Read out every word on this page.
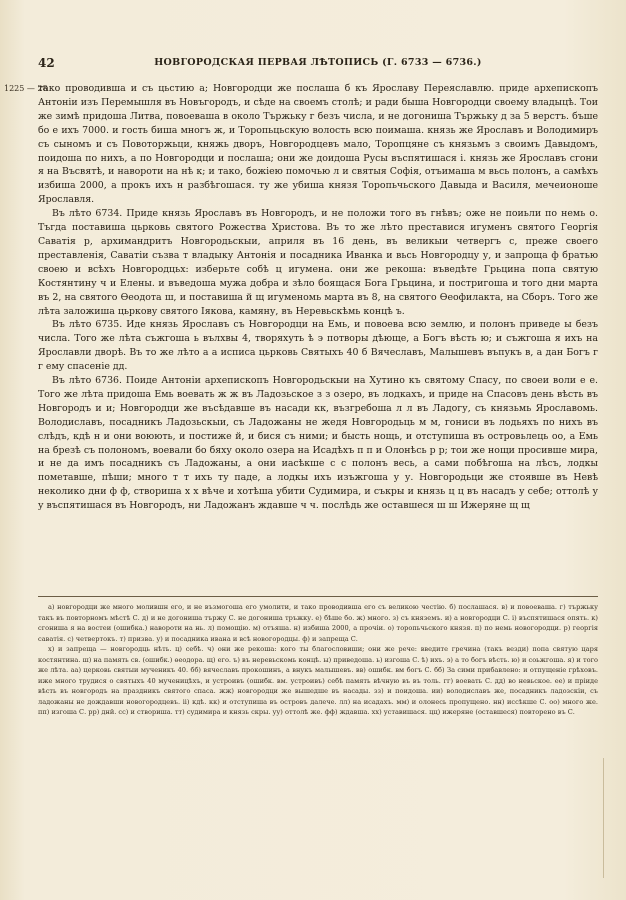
42	НОВГОРОДСКАЯ ПЕРВАЯ ЛѢТОПИСЬ (Г. 6733 — 6736.)
1225 — 28

тако проводивша и съ цьстию а; Новгородци же послаша б къ Ярославу Переяславлю. приде архепископъ Антонiи изъ Перемышля въ Новъгородъ, и сѣде на своемъ столѣ; и ради быша Новгородци своему владыцѣ. Тои же зимѣ придоша Литва, повоеваша в около Тържьку г безъ числа, и не догониша Тържьку д за 5 верстъ. бъше бо е ихъ 7000. и гость биша многъ ж, и Торопьцьскую волость всю поимаша. князь же Ярославъ и Володимиръ съ сыномъ и съ Повоторжьци, княжь дворъ, Новгородцевъ мало, Торопцяне съ князьмъ з своимъ Давыдомъ, поидоша по нихъ, а по Новгородци и послаша; они же доидоша Русы въспятишася і. князь же Ярославъ сгони я на Въсвятѣ, и навороти на нѣ к; и тако, божiею помочью л и святыя Софiя, отъимаша м вьсь полонъ, а самѣхъ избиша 2000, а прокъ ихъ н разбѣгошася. ту же убиша князя Торопьчьского Давыда и Василя, мечеионоше Ярославля.

Въ лѣто 6734. Приде князь Ярославъ въ Новгородъ, и не положи того въ гнѣвъ; оже не поиьли по немь о. Тъгда поставиша цьрковь святого Рожества Христова. Въ то же лѣто преставися игуменъ святого Георгiя Саватiя р, архимандритъ Новгородьскыи, априля въ 16 день, въ великыи четвергъ с, преже своего преставленiя, Саватiи съзва т владыку Антонiя и посадника Иванка и вьсь Новгородцу у, и запроща ф братью своею и всѣхъ Новгородцьх: изберьте собѣ ц игумена. они же рекоша: въведѣте Грьцина попа святую Костянтину ч и Елены. и въведоша мужа добра и зѣло боящася Бога Грьцина, и постригоша и того дни марта въ 2, на святого Өеодота ш, и поставиша й щ игуменомь марта въ 8, на святого Өеофилакта, на Сборъ. Того же лѣта заложиша цьркову святого Iякова, камяну, въ Неревьскѣмь концѣ ъ.

Въ лѣто 6735. Иде князь Ярославъ съ Новгородци на Емь, и повоева всю землю, и полонъ приведе ы безъ числа. Того же лѣта съжгоша ь вълхвы 4, творяхуть ѣ э потворы дѣюще, а Богъ вѣсть ю; и съжгоша я ихъ на Ярославли дворѣ. Въ то же лѣто а а иcписа цьрковь Святыхъ 40 б Вячеславъ, Малышевъ въпукъ в, а дан Богъ г г ему спасенiе дд.

Въ лѣто 6736. Поиде Антонiи архепископъ Новгородьскыи на Хутино къ святому Спасу, по своеи воли е е. Того же лѣта придоша Емь воевать ж ж въ Ладозьское з з озеро, въ лодкахъ, и приде на Спасовъ день вѣсть въ Новгородъ и и; Новгородци же въсѣдавше въ насади кк, възгребоша л л въ Ладогу, съ князьмь Ярославомь. Володиславъ, посадникъ Ладозьскыи, съ Ладожаны не жедя Новгородьць м м, гониси въ лодьяхъ по нихъ въ слѣдъ, кдѣ н и они воюють, и постиже й, и бися съ ними; и бысть нощь, и отступиша въ островьлець оо, а Емь на брезѣ съ полономъ, воевали бо бяху около озера на Исадѣхъ п п и Олонѣсь р р; тои же нощи просивше мира, и не да имъ посадникъ съ Ладожаны, а они иасѣкше с с полонъ весь, а сами побѣгоша на лѣсъ, лодкы пометавше, пѣши; много т т ихъ ту паде, а лодкы ихъ изъжгоша у у. Новгородьци же стоявше въ Невѣ неколико дни ф ф, створиша х х вѣче и хотѣша убити Судимира, и съкры и князь ц ц въ насадъ у себе; оттолѣ у у въспятишася въ Новгородъ, ни Ладожанъ ждавше ч ч. послѣдь же оставшеся ш ш Ижеряне щ щ

а) новгородци же много молившн его, и не възмогоша его умолити, и тако проводивша его съ великою честiю. б) послашася. в) и повоеваша. г) тържьку такъ въ повторномъ мѣстѣ С. д) и не догониша тържу С. не догониша тръжку. е) бѣше бо. ж) много. з) съ княземъ. и) а новгородци С. і) въспятишася опять. к) сгониша я на востеи (ошибка.) навороти на нь. л) помощiю. м) отъяша. н) избиша 2000, а прочiи. о) торопьчьского князя. п) по немь новогородци. р) георгiя саватiя. с) четвертокъ. т) призва. у) и посадника ивана и всѣ новогородцы. ф) и запреща С.

х) и запреща — новгородць нѣть. ц) себѣ. ч) они же рекоша: кого ты благословиши; они же рече: введите гречина (такъ везди) попа святую царя костянтина. ш) на память св. (ошибк.) өеодора. щ) его. ъ) въ неревьскомь концѣ. ы) приведоша. ь) изгоша С. ѣ) ихъ. э) а то богъ вѣсть. ю) и соьжгоша. я) и того же лѣта. аа) церковь святыи мученикъ 40. бб) вячеславъ прокошинъ, а внукъ малышевъ. вв) ошибк. вм богъ С. бб) За сими прибавлено: и отпущенiе грѣховъ. иже много трудися о святыхъ 40 мученицѣхъ, и устроивъ (ошибк. вм. устроивъ) себѣ память вѣчную въ въ толь. гг) воевать С. дд) во невьское. ее) и прiиде вѣсть въ новгородъ на праздникъ святого спаса. жж) новгородци же вышедше въ насады. зз) и поидоша. ии) володиславъ же, посадникъ ладозскiи, съ ладожаны не дождавши новогородцевъ. іі) кдѣ. кк) и отступиша въ островъ далече. лл) на исадахъ. мм) и олонесь пропущено. нн) иссѣкше С. оо) много же. пп) изгоша С. рр) днй. сс) и створиша. тт) судимира и князь скры. уу) оттолѣ же. фф) ждавша. хх) уставишася. цц) ижеряне (оставшеся) повторено въ С.
